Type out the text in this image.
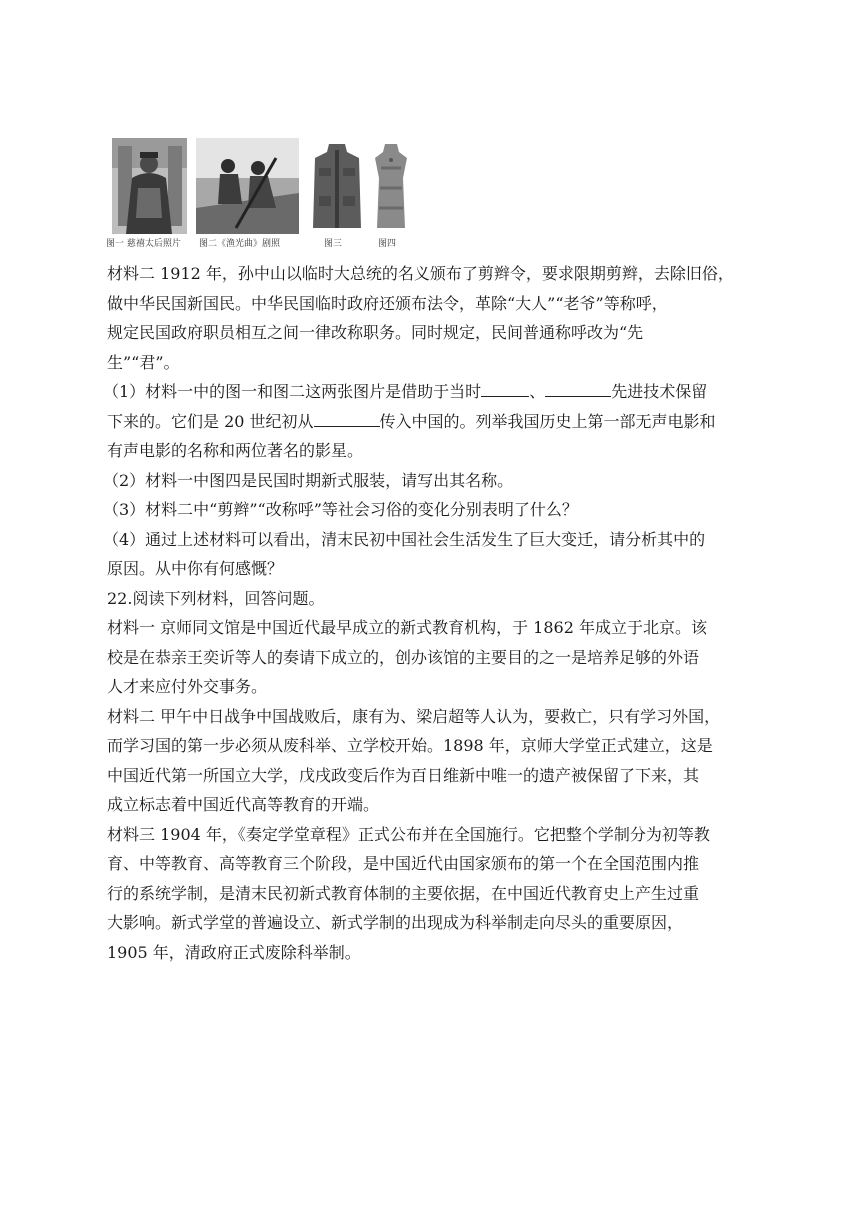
图一 慈禧太后照片 图二《渔光曲》剧照	图三	图四

材料二 1912 年，孙中山以临时大总统的名义颁布了剪辫令，要求限期剪辫，去除旧俗，

做中华民国新国民。中华民国临时政府还颁布法令，革除“大人”“老爷”等称呼，

规定民国政府职员相互之间一律改称职务。同时规定，民间普通称呼改为“先

生”“君”。

（1）材料一中的图一和图二这两张图片是借助于当时	、	先进技术保留

下来的。它们是 20 世纪初从	传入中国的。列举我国历史上第一部无声电影和

有声电影的名称和两位著名的影星。

（2）材料一中图四是民国时期新式服装，请写出其名称。

（3）材料二中“剪辫”“改称呼”等社会习俗的变化分别表明了什么？

（4）通过上述材料可以看出，清末民初中国社会生活发生了巨大变迁，请分析其中的

原因。从中你有何感慨？

22.阅读下列材料，回答问题。

材料一 京师同文馆是中国近代最早成立的新式教育机构，于 1862 年成立于北京。该

校是在恭亲王奕䜣等人的奏请下成立的，创办该馆的主要目的之一是培养足够的外语

人才来应付外交事务。

材料二 甲午中日战争中国战败后，康有为、梁启超等人认为，要救亡，只有学习外国，

而学习国的第一步必须从废科举、立学校开始。1898 年，京师大学堂正式建立，这是

中国近代第一所国立大学，戊戌政变后作为百日维新中唯一的遗产被保留了下来，其

成立标志着中国近代高等教育的开端。

材料三 1904 年，《奏定学堂章程》正式公布并在全国施行。它把整个学制分为初等教

育、中等教育、高等教育三个阶段，是中国近代由国家颁布的第一个在全国范围内推

行的系统学制，是清末民初新式教育体制的主要依据，在中国近代教育史上产生过重

大影响。新式学堂的普遍设立、新式学制的出现成为科举制走向尽头的重要原因，

1905 年，清政府正式废除科举制。
